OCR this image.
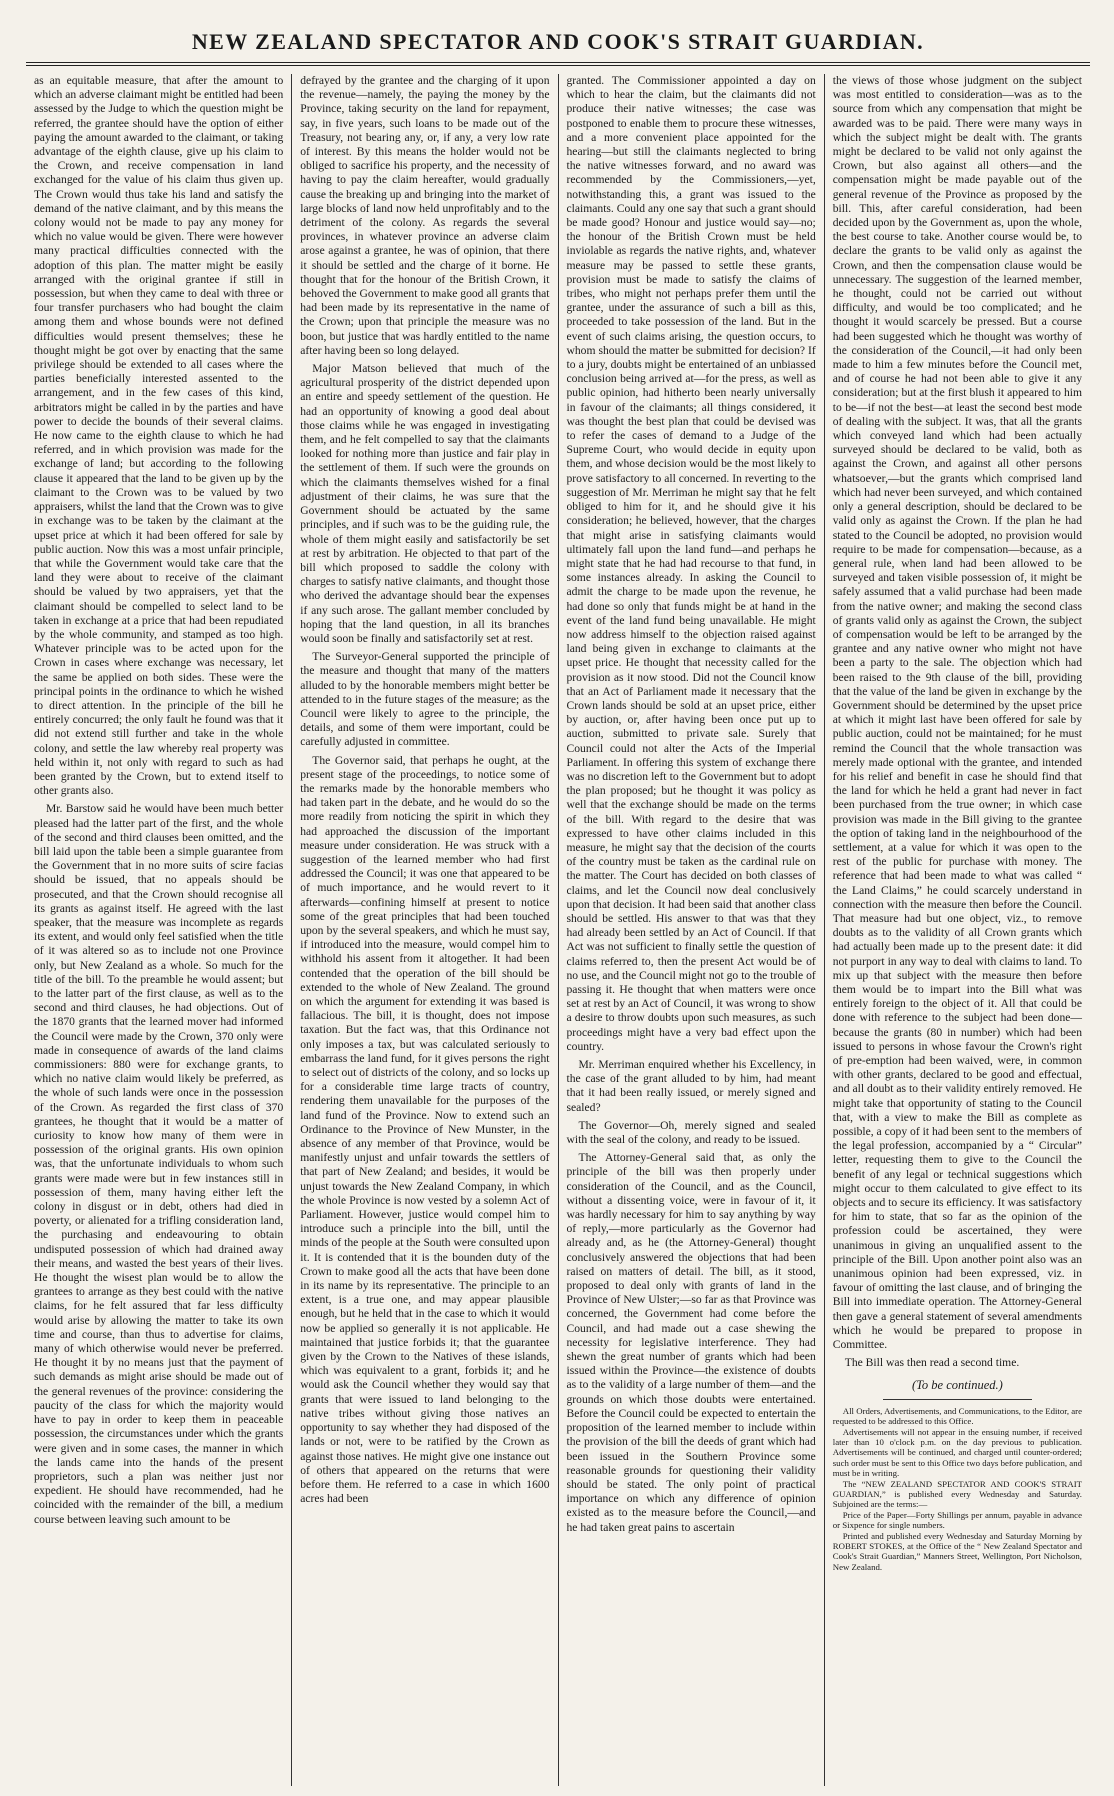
NEW ZEALAND SPECTATOR AND COOK'S STRAIT GUARDIAN.

as an equitable measure, that after the amount to which an adverse claimant might be entitled had been assessed by the Judge to which the question might be referred, the grantee should have the option of either paying the amount awarded to the claimant, or taking advantage of the eighth clause, give up his claim to the Crown, and receive compensation in land exchanged for the value of his claim thus given up. The Crown would thus take his land and satisfy the demand of the native claimant, and by this means the colony would not be made to pay any money for which no value would be given. There were however many practical difficulties connected with the adoption of this plan. The matter might be easily arranged with the original grantee if still in possession, but when they came to deal with three or four transfer purchasers who had bought the claim among them and whose bounds were not defined difficulties would present themselves; these he thought might be got over by enacting that the same privilege should be extended to all cases where the parties beneficially interested assented to the arrangement, and in the few cases of this kind, arbitrators might be called in by the parties and have power to decide the bounds of their several claims. He now came to the eighth clause to which he had referred, and in which provision was made for the exchange of land; but according to the following clause it appeared that the land to be given up by the claimant to the Crown was to be valued by two appraisers, whilst the land that the Crown was to give in exchange was to be taken by the claimant at the upset price at which it had been offered for sale by public auction. Now this was a most unfair principle, that while the Government would take care that the land they were about to receive of the claimant should be valued by two appraisers, yet that the claimant should be compelled to select land to be taken in exchange at a price that had been repudiated by the whole community, and stamped as too high. Whatever principle was to be acted upon for the Crown in cases where exchange was necessary, let the same be applied on both sides. These were the principal points in the ordinance to which he wished to direct attention. In the principle of the bill he entirely concurred; the only fault he found was that it did not extend still further and take in the whole colony, and settle the law whereby real property was held within it, not only with regard to such as had been granted by the Crown, but to extend itself to other grants also.

Mr. Barstow said he would have been much better pleased had the latter part of the first, and the whole of the second and third clauses been omitted, and the bill laid upon the table been a simple guarantee from the Government that in no more suits of scire facias should be issued, that no appeals should be prosecuted, and that the Crown should recognise all its grants as against itself. He agreed with the last speaker, that the measure was incomplete as regards its extent, and would only feel satisfied when the title of it was altered so as to include not one Province only, but New Zealand as a whole. So much for the title of the bill. To the preamble he would assent; but to the latter part of the first clause, as well as to the second and third clauses, he had objections. Out of the 1870 grants that the learned mover had informed the Council were made by the Crown, 370 only were made in consequence of awards of the land claims commissioners: 880 were for exchange grants, to which no native claim would likely be preferred, as the whole of such lands were once in the possession of the Crown. As regarded the first class of 370 grantees, he thought that it would be a matter of curiosity to know how many of them were in possession of the original grants. His own opinion was, that the unfortunate individuals to whom such grants were made were but in few instances still in possession of them, many having either left the colony in disgust or in debt, others had died in poverty, or alienated for a trifling consideration land, the purchasing and endeavouring to obtain undisputed possession of which had drained away their means, and wasted the best years of their lives. He thought the wisest plan would be to allow the grantees to arrange as they best could with the native claims, for he felt assured that far less difficulty would arise by allowing the matter to take its own time and course, than thus to advertise for claims, many of which otherwise would never be preferred. He thought it by no means just that the payment of such demands as might arise should be made out of the general revenues of the province: considering the paucity of the class for which the majority would have to pay in order to keep them in peaceable possession, the circumstances under which the grants were given and in some cases, the manner in which the lands came into the hands of the present proprietors, such a plan was neither just nor expedient. He should have recommended, had he coincided with the remainder of the bill, a medium course between leaving such amount to be

defrayed by the grantee and the charging of it upon the revenue—namely, the paying the money by the Province, taking security on the land for repayment, say, in five years, such loans to be made out of the Treasury, not bearing any, or, if any, a very low rate of interest. By this means the holder would not be obliged to sacrifice his property, and the necessity of having to pay the claim hereafter, would gradually cause the breaking up and bringing into the market of large blocks of land now held unprofitably and to the detriment of the colony. As regards the several provinces, in whatever province an adverse claim arose against a grantee, he was of opinion, that there it should be settled and the charge of it borne. He thought that for the honour of the British Crown, it behoved the Government to make good all grants that had been made by its representative in the name of the Crown; upon that principle the measure was no boon, but justice that was hardly entitled to the name after having been so long delayed.

Major Matson believed that much of the agricultural prosperity of the district depended upon an entire and speedy settlement of the question. He had an opportunity of knowing a good deal about those claims while he was engaged in investigating them, and he felt compelled to say that the claimants looked for nothing more than justice and fair play in the settlement of them. If such were the grounds on which the claimants themselves wished for a final adjustment of their claims, he was sure that the Government should be actuated by the same principles, and if such was to be the guiding rule, the whole of them might easily and satisfactorily be set at rest by arbitration. He objected to that part of the bill which proposed to saddle the colony with charges to satisfy native claimants, and thought those who derived the advantage should bear the expenses if any such arose. The gallant member concluded by hoping that the land question, in all its branches would soon be finally and satisfactorily set at rest.

The Surveyor-General supported the principle of the measure and thought that many of the matters alluded to by the honorable members might better be attended to in the future stages of the measure; as the Council were likely to agree to the principle, the details, and some of them were important, could be carefully adjusted in committee.

The Governor said, that perhaps he ought, at the present stage of the proceedings, to notice some of the remarks made by the honorable members who had taken part in the debate, and he would do so the more readily from noticing the spirit in which they had approached the discussion of the important measure under consideration. He was struck with a suggestion of the learned member who had first addressed the Council; it was one that appeared to be of much importance, and he would revert to it afterwards—confining himself at present to notice some of the great principles that had been touched upon by the several speakers, and which he must say, if introduced into the measure, would compel him to withhold his assent from it altogether. It had been contended that the operation of the bill should be extended to the whole of New Zealand. The ground on which the argument for extending it was based is fallacious. The bill, it is thought, does not impose taxation. But the fact was, that this Ordinance not only imposes a tax, but was calculated seriously to embarrass the land fund, for it gives persons the right to select out of districts of the colony, and so locks up for a considerable time large tracts of country, rendering them unavailable for the purposes of the land fund of the Province. Now to extend such an Ordinance to the Province of New Munster, in the absence of any member of that Province, would be manifestly unjust and unfair towards the settlers of that part of New Zealand; and besides, it would be unjust towards the New Zealand Company, in which the whole Province is now vested by a solemn Act of Parliament. However, justice would compel him to introduce such a principle into the bill, until the minds of the people at the South were consulted upon it. It is contended that it is the bounden duty of the Crown to make good all the acts that have been done in its name by its representative. The principle to an extent, is a true one, and may appear plausible enough, but he held that in the case to which it would now be applied so generally it is not applicable. He maintained that justice forbids it; that the guarantee given by the Crown to the Natives of these islands, which was equivalent to a grant, forbids it; and he would ask the Council whether they would say that grants that were issued to land belonging to the native tribes without giving those natives an opportunity to say whether they had disposed of the lands or not, were to be ratified by the Crown as against those natives. He might give one instance out of others that appeared on the returns that were before them. He referred to a case in which 1600 acres had been

granted. The Commissioner appointed a day on which to hear the claim, but the claimants did not produce their native witnesses; the case was postponed to enable them to procure these witnesses, and a more convenient place appointed for the hearing—but still the claimants neglected to bring the native witnesses forward, and no award was recommended by the Commissioners,—yet, notwithstanding this, a grant was issued to the claimants. Could any one say that such a grant should be made good? Honour and justice would say—no; the honour of the British Crown must be held inviolable as regards the native rights, and, whatever measure may be passed to settle these grants, provision must be made to satisfy the claims of tribes, who might not perhaps prefer them until the grantee, under the assurance of such a bill as this, proceeded to take possession of the land. But in the event of such claims arising, the question occurs, to whom should the matter be submitted for decision? If to a jury, doubts might be entertained of an unbiassed conclusion being arrived at—for the press, as well as public opinion, had hitherto been nearly universally in favour of the claimants; all things considered, it was thought the best plan that could be devised was to refer the cases of demand to a Judge of the Supreme Court, who would decide in equity upon them, and whose decision would be the most likely to prove satisfactory to all concerned. In reverting to the suggestion of Mr. Merriman he might say that he felt obliged to him for it, and he should give it his consideration; he believed, however, that the charges that might arise in satisfying claimants would ultimately fall upon the land fund—and perhaps he might state that he had had recourse to that fund, in some instances already. In asking the Council to admit the charge to be made upon the revenue, he had done so only that funds might be at hand in the event of the land fund being unavailable. He might now address himself to the objection raised against land being given in exchange to claimants at the upset price. He thought that necessity called for the provision as it now stood. Did not the Council know that an Act of Parliament made it necessary that the Crown lands should be sold at an upset price, either by auction, or, after having been once put up to auction, submitted to private sale. Surely that Council could not alter the Acts of the Imperial Parliament. In offering this system of exchange there was no discretion left to the Government but to adopt the plan proposed; but he thought it was policy as well that the exchange should be made on the terms of the bill. With regard to the desire that was expressed to have other claims included in this measure, he might say that the decision of the courts of the country must be taken as the cardinal rule on the matter. The Court has decided on both classes of claims, and let the Council now deal conclusively upon that decision. It had been said that another class should be settled. His answer to that was that they had already been settled by an Act of Council. If that Act was not sufficient to finally settle the question of claims referred to, then the present Act would be of no use, and the Council might not go to the trouble of passing it. He thought that when matters were once set at rest by an Act of Council, it was wrong to show a desire to throw doubts upon such measures, as such proceedings might have a very bad effect upon the country.

Mr. Merriman enquired whether his Excellency, in the case of the grant alluded to by him, had meant that it had been really issued, or merely signed and sealed?

The Governor—Oh, merely signed and sealed with the seal of the colony, and ready to be issued.

The Attorney-General said that, as only the principle of the bill was then properly under consideration of the Council, and as the Council, without a dissenting voice, were in favour of it, it was hardly necessary for him to say anything by way of reply,—more particularly as the Governor had already and, as he (the Attorney-General) thought conclusively answered the objections that had been raised on matters of detail. The bill, as it stood, proposed to deal only with grants of land in the Province of New Ulster;—so far as that Province was concerned, the Government had come before the Council, and had made out a case shewing the necessity for legislative interference. They had shewn the great number of grants which had been issued within the Province—the existence of doubts as to the validity of a large number of them—and the grounds on which those doubts were entertained. Before the Council could be expected to entertain the proposition of the learned member to include within the provision of the bill the deeds of grant which had been issued in the Southern Province some reasonable grounds for questioning their validity should be stated. The only point of practical importance on which any difference of opinion existed as to the measure before the Council,—and he had taken great pains to ascertain

the views of those whose judgment on the subject was most entitled to consideration—was as to the source from which any compensation that might be awarded was to be paid. There were many ways in which the subject might be dealt with. The grants might be declared to be valid not only against the Crown, but also against all others—and the compensation might be made payable out of the general revenue of the Province as proposed by the bill. This, after careful consideration, had been decided upon by the Government as, upon the whole, the best course to take. Another course would be, to declare the grants to be valid only as against the Crown, and then the compensation clause would be unnecessary. The suggestion of the learned member, he thought, could not be carried out without difficulty, and would be too complicated; and he thought it would scarcely be pressed. But a course had been suggested which he thought was worthy of the consideration of the Council,—it had only been made to him a few minutes before the Council met, and of course he had not been able to give it any consideration; but at the first blush it appeared to him to be—if not the best—at least the second best mode of dealing with the subject. It was, that all the grants which conveyed land which had been actually surveyed should be declared to be valid, both as against the Crown, and against all other persons whatsoever,—but the grants which comprised land which had never been surveyed, and which contained only a general description, should be declared to be valid only as against the Crown. If the plan he had stated to the Council be adopted, no provision would require to be made for compensation—because, as a general rule, when land had been allowed to be surveyed and taken visible possession of, it might be safely assumed that a valid purchase had been made from the native owner; and making the second class of grants valid only as against the Crown, the subject of compensation would be left to be arranged by the grantee and any native owner who might not have been a party to the sale. The objection which had been raised to the 9th clause of the bill, providing that the value of the land be given in exchange by the Government should be determined by the upset price at which it might last have been offered for sale by public auction, could not be maintained; for he must remind the Council that the whole transaction was merely made optional with the grantee, and intended for his relief and benefit in case he should find that the land for which he held a grant had never in fact been purchased from the true owner; in which case provision was made in the Bill giving to the grantee the option of taking land in the neighbourhood of the settlement, at a value for which it was open to the rest of the public for purchase with money. The reference that had been made to what was called “ the Land Claims,” he could scarcely understand in connection with the measure then before the Council. That measure had but one object, viz., to remove doubts as to the validity of all Crown grants which had actually been made up to the present date: it did not purport in any way to deal with claims to land. To mix up that subject with the measure then before them would be to impart into the Bill what was entirely foreign to the object of it. All that could be done with reference to the subject had been done—because the grants (80 in number) which had been issued to persons in whose favour the Crown's right of pre-emption had been waived, were, in common with other grants, declared to be good and effectual, and all doubt as to their validity entirely removed. He might take that opportunity of stating to the Council that, with a view to make the Bill as complete as possible, a copy of it had been sent to the members of the legal profession, accompanied by a “ Circular” letter, requesting them to give to the Council the benefit of any legal or technical suggestions which might occur to them calculated to give effect to its objects and to secure its efficiency. It was satisfactory for him to state, that so far as the opinion of the profession could be ascertained, they were unanimous in giving an unqualified assent to the principle of the Bill. Upon another point also was an unanimous opinion had been expressed, viz. in favour of omitting the last clause, and of bringing the Bill into immediate operation. The Attorney-General then gave a general statement of several amendments which he would be prepared to propose in Committee.

The Bill was then read a second time.

(To be continued.)

All Orders, Advertisements, and Communications, to the Editor, are requested to be addressed to this Office.

Advertisements will not appear in the ensuing number, if received later than 10 o'clock p.m. on the day previous to publication. Advertisements will be continued, and charged until counter-ordered; such order must be sent to this Office two days before publication, and must be in writing.

The “NEW ZEALAND SPECTATOR AND COOK'S STRAIT GUARDIAN,” is published every Wednesday and Saturday. Subjoined are the terms:—

Price of the Paper—Forty Shillings per annum, payable in advance or Sixpence for single numbers.

Printed and published every Wednesday and Saturday Morning by ROBERT STOKES, at the Office of the “ New Zealand Spectator and Cook's Strait Guardian,” Manners Street, Wellington, Port Nicholson, New Zealand.
